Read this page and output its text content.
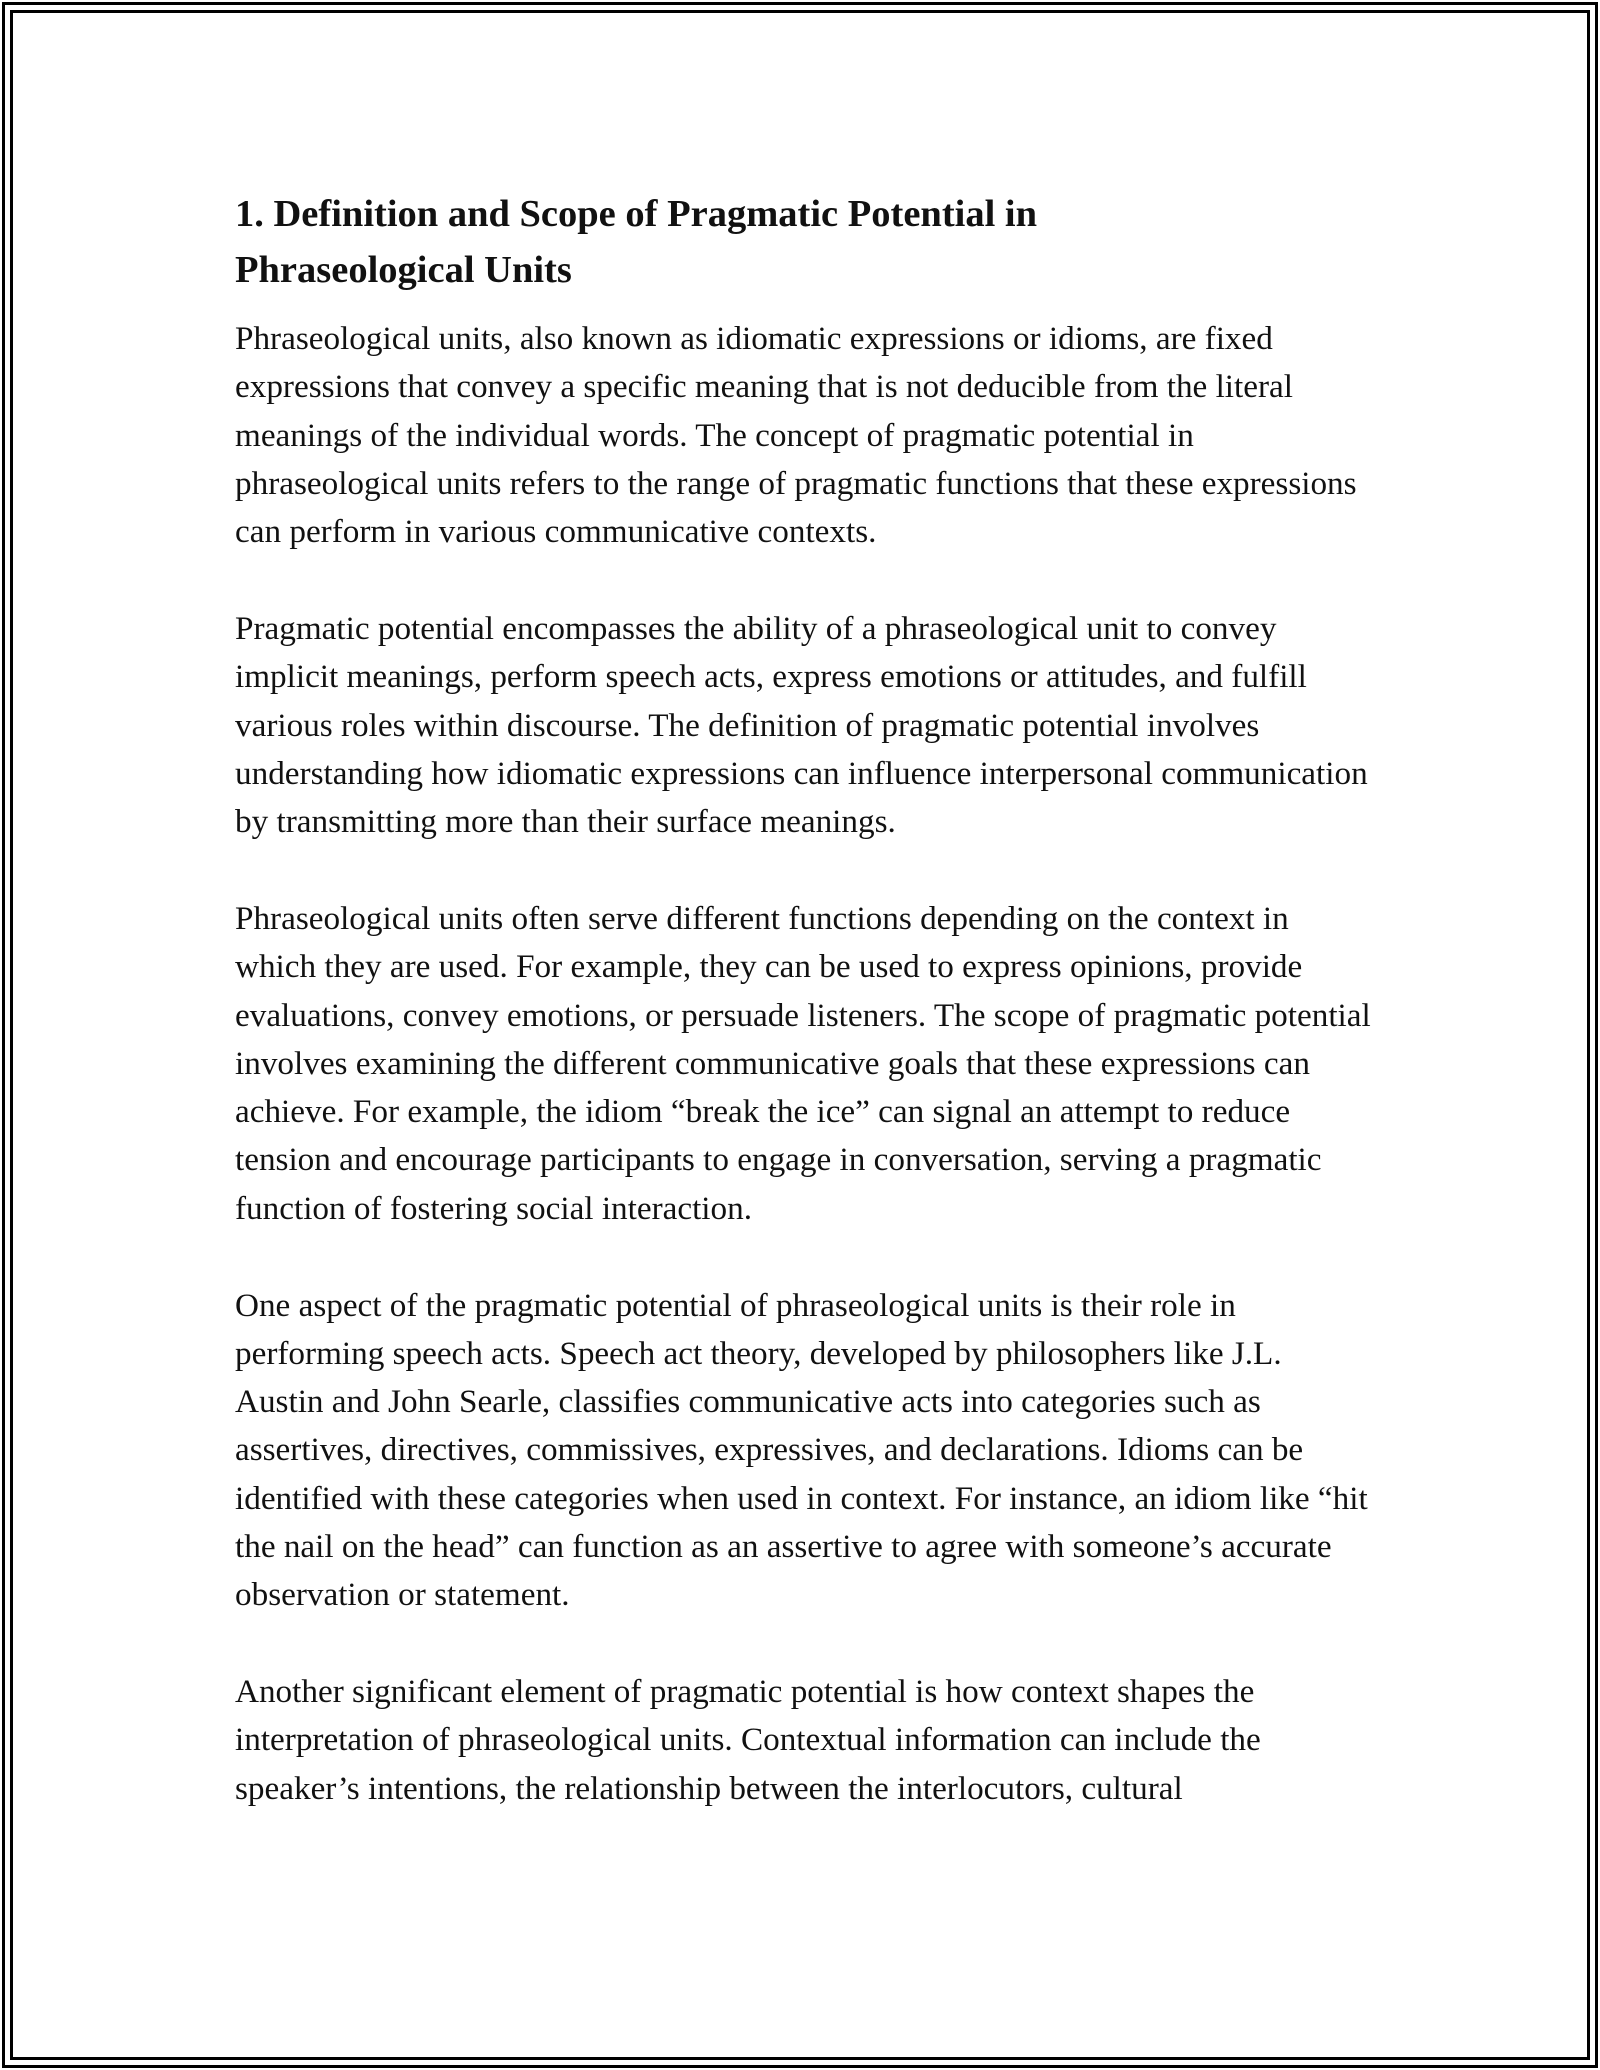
1. Definition and Scope of Pragmatic Potential in Phraseological Units

Phraseological units, also known as idiomatic expressions or idioms, are fixed expressions that convey a specific meaning that is not deducible from the literal meanings of the individual words. The concept of pragmatic potential in phraseological units refers to the range of pragmatic functions that these expressions can perform in various communicative contexts.

Pragmatic potential encompasses the ability of a phraseological unit to convey implicit meanings, perform speech acts, express emotions or attitudes, and fulfill various roles within discourse. The definition of pragmatic potential involves understanding how idiomatic expressions can influence interpersonal communication by transmitting more than their surface meanings.

Phraseological units often serve different functions depending on the context in which they are used. For example, they can be used to express opinions, provide evaluations, convey emotions, or persuade listeners. The scope of pragmatic potential involves examining the different communicative goals that these expressions can achieve. For example, the idiom “break the ice” can signal an attempt to reduce tension and encourage participants to engage in conversation, serving a pragmatic function of fostering social interaction.

One aspect of the pragmatic potential of phraseological units is their role in performing speech acts. Speech act theory, developed by philosophers like J.L. Austin and John Searle, classifies communicative acts into categories such as assertives, directives, commissives, expressives, and declarations. Idioms can be identified with these categories when used in context. For instance, an idiom like “hit the nail on the head” can function as an assertive to agree with someone’s accurate observation or statement.

Another significant element of pragmatic potential is how context shapes the interpretation of phraseological units. Contextual information can include the speaker’s intentions, the relationship between the interlocutors, cultural
